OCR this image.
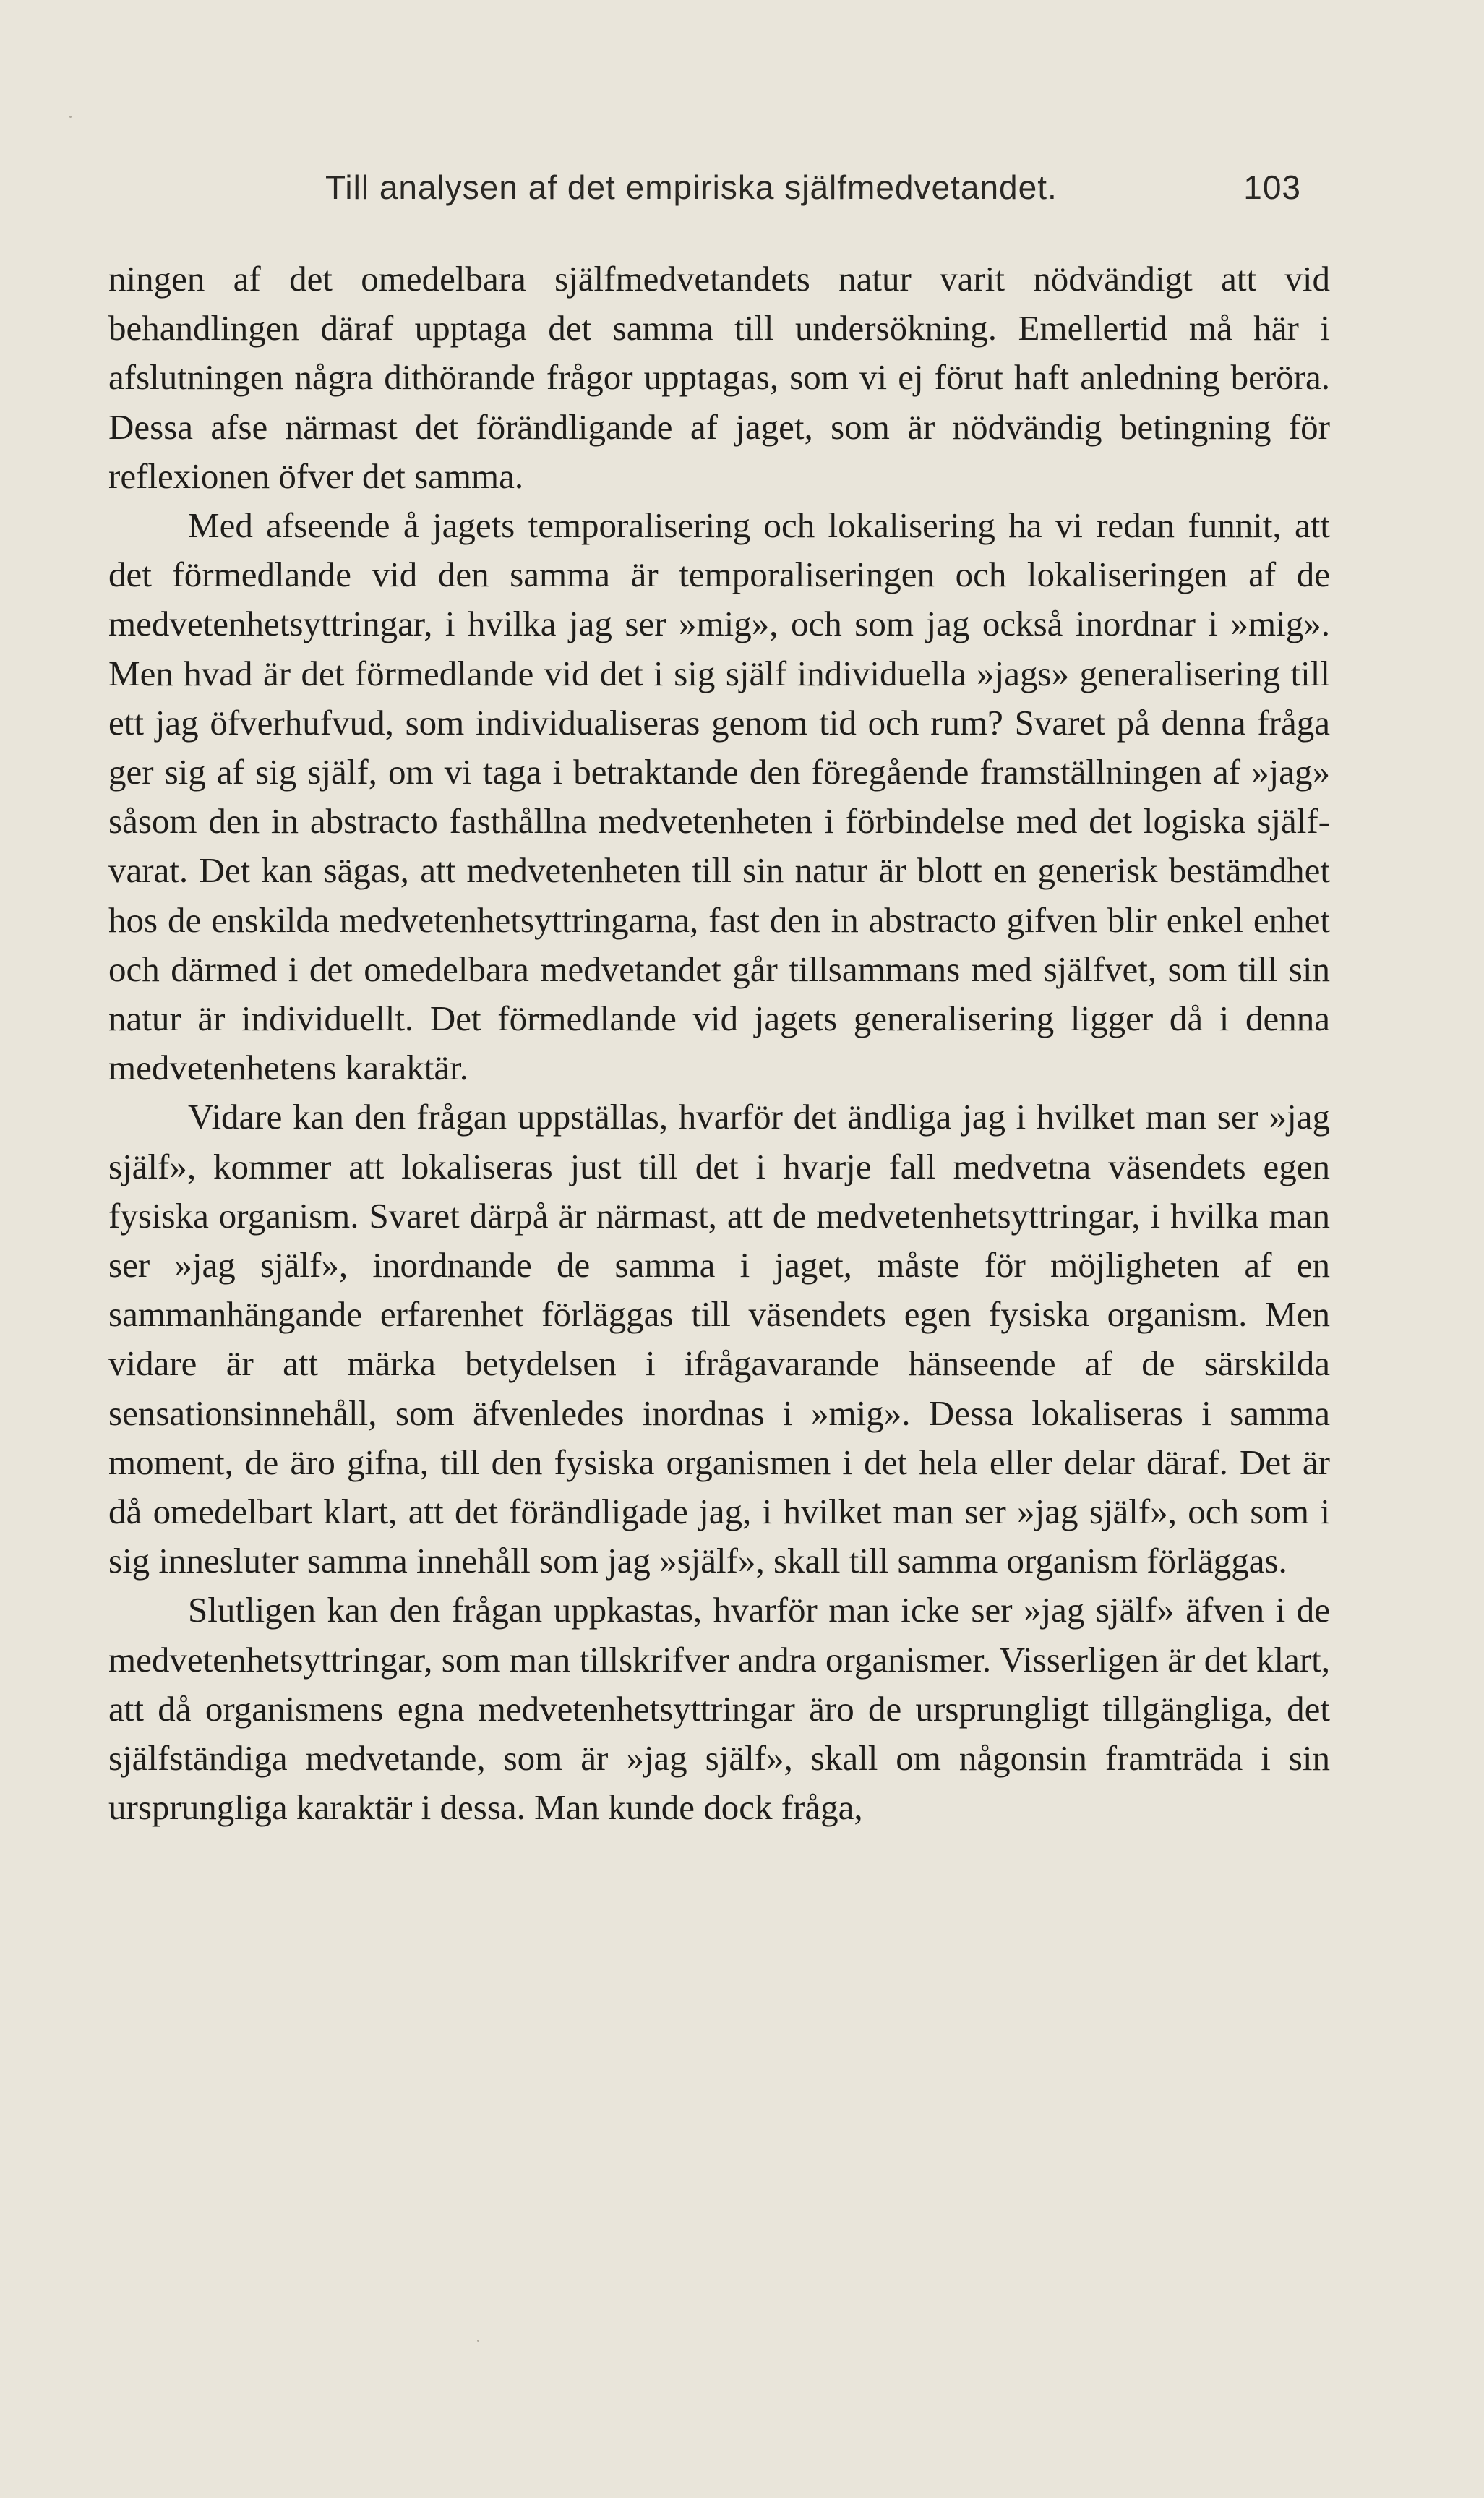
Till analysen af det empiriska själfmedvetandet.	103

ningen af det omedelbara själfmedvetandets natur varit nödvändigt att vid behandlingen däraf upptaga det samma till undersökning. Emellertid må här i afslutningen några dithörande frågor upptagas, som vi ej förut haft anledning beröra. Dessa afse närmast det förändligande af jaget, som är nödvändig betingning för reflexionen öfver det samma.

Med afseende å jagets temporalisering och lokalisering ha vi redan funnit, att det förmedlande vid den samma är temporaliseringen och lokaliseringen af de medvetenhetsyttringar, i hvilka jag ser »mig», och som jag också inordnar i »mig». Men hvad är det förmedlande vid det i sig själf individuella »jags» generalisering till ett jag öfverhufvud, som individualiseras genom tid och rum? Svaret på denna fråga ger sig af sig själf, om vi taga i betraktande den föregående framställningen af »jag» såsom den in abstracto fasthållna medvetenheten i förbindelse med det logiska själf-varat. Det kan sägas, att medvetenheten till sin natur är blott en generisk bestämdhet hos de enskilda medvetenhetsyttringarna, fast den in abstracto gifven blir enkel enhet och därmed i det omedelbara medvetandet går tillsammans med själfvet, som till sin natur är individuellt. Det förmedlande vid jagets generalisering ligger då i denna medvetenhetens karaktär.

Vidare kan den frågan uppställas, hvarför det ändliga jag i hvilket man ser »jag själf», kommer att lokaliseras just till det i hvarje fall medvetna väsendets egen fysiska organism. Svaret därpå är närmast, att de medvetenhetsyttringar, i hvilka man ser »jag själf», inordnande de samma i jaget, måste för möjligheten af en sammanhängande erfarenhet förläggas till väsendets egen fysiska organism. Men vidare är att märka betydelsen i ifrågavarande hänseende af de särskilda sensationsinnehåll, som äfvenledes inordnas i »mig». Dessa lokaliseras i samma moment, de äro gifna, till den fysiska organismen i det hela eller delar däraf. Det är då omedelbart klart, att det förändligade jag, i hvilket man ser »jag själf», och som i sig innesluter samma innehåll som jag »själf», skall till samma organism förläggas.

Slutligen kan den frågan uppkastas, hvarför man icke ser »jag själf» äfven i de medvetenhetsyttringar, som man tillskrifver andra organismer. Visserligen är det klart, att då organismens egna medvetenhetsyttringar äro de ursprungligt tillgängliga, det själfständiga medvetande, som är »jag själf», skall om någonsin framträda i sin ursprungliga karaktär i dessa. Man kunde dock fråga,
